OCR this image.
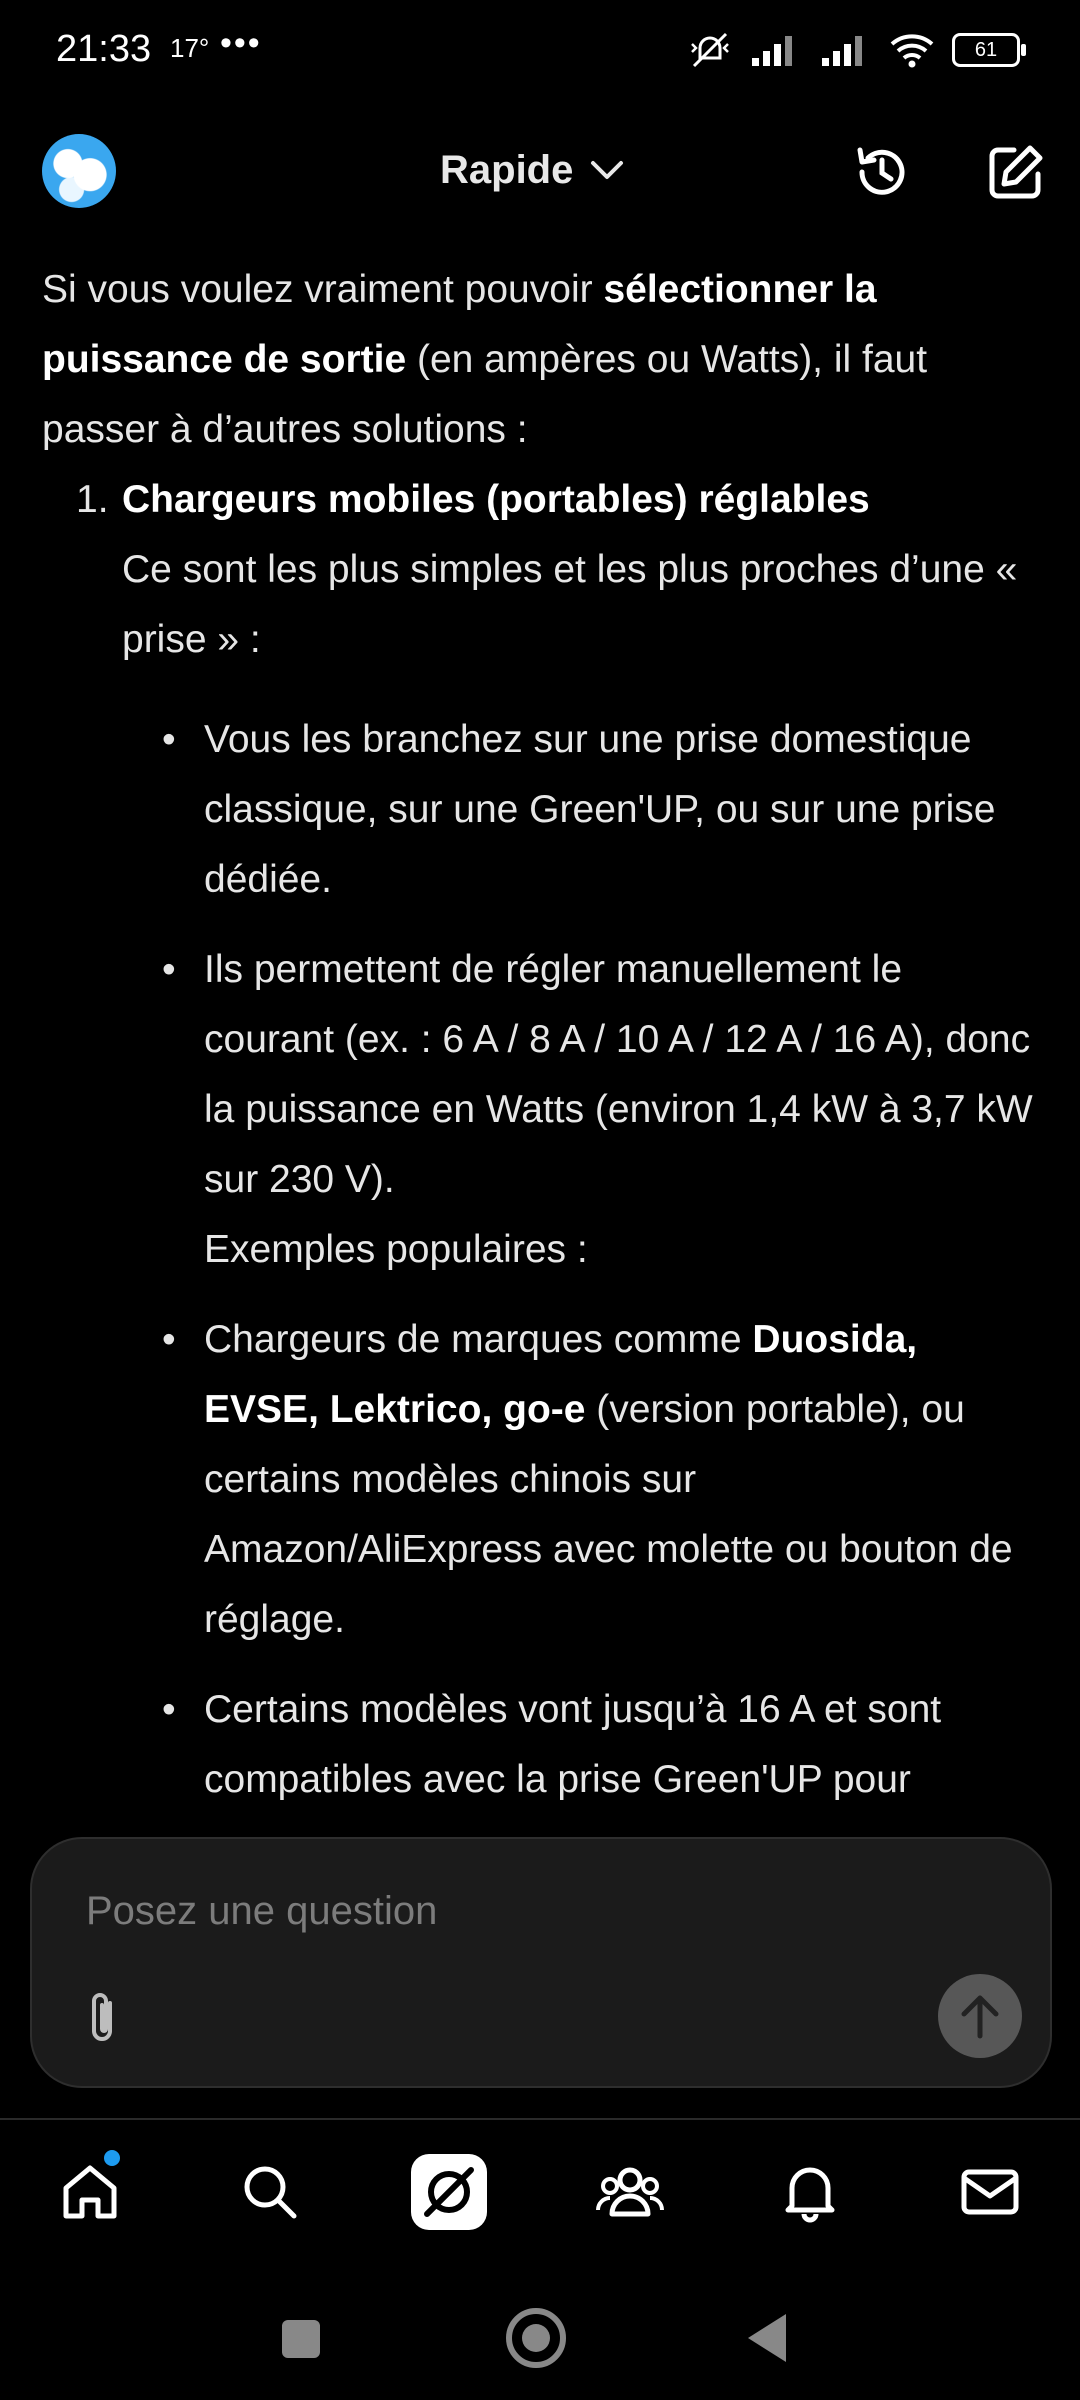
21:33 17° •••	61
Rapide

Si vous voulez vraiment pouvoir sélectionner la puissance de sortie (en ampères ou Watts), il faut passer à d’autres solutions :

1. Chargeurs mobiles (portables) réglables
Ce sont les plus simples et les plus proches d’une « prise » :
• Vous les branchez sur une prise domestique classique, sur une Green'UP, ou sur une prise dédiée.
• Ils permettent de régler manuellement le courant (ex. : 6 A / 8 A / 10 A / 12 A / 16 A), donc la puissance en Watts (environ 1,4 kW à 3,7 kW sur 230 V).
Exemples populaires :
• Chargeurs de marques comme Duosida, EVSE, Lektrico, go-e (version portable), ou certains modèles chinois sur Amazon/AliExpress avec molette ou bouton de réglage.
• Certains modèles vont jusqu’à 16 A et sont compatibles avec la prise Green'UP pour
Posez une question
